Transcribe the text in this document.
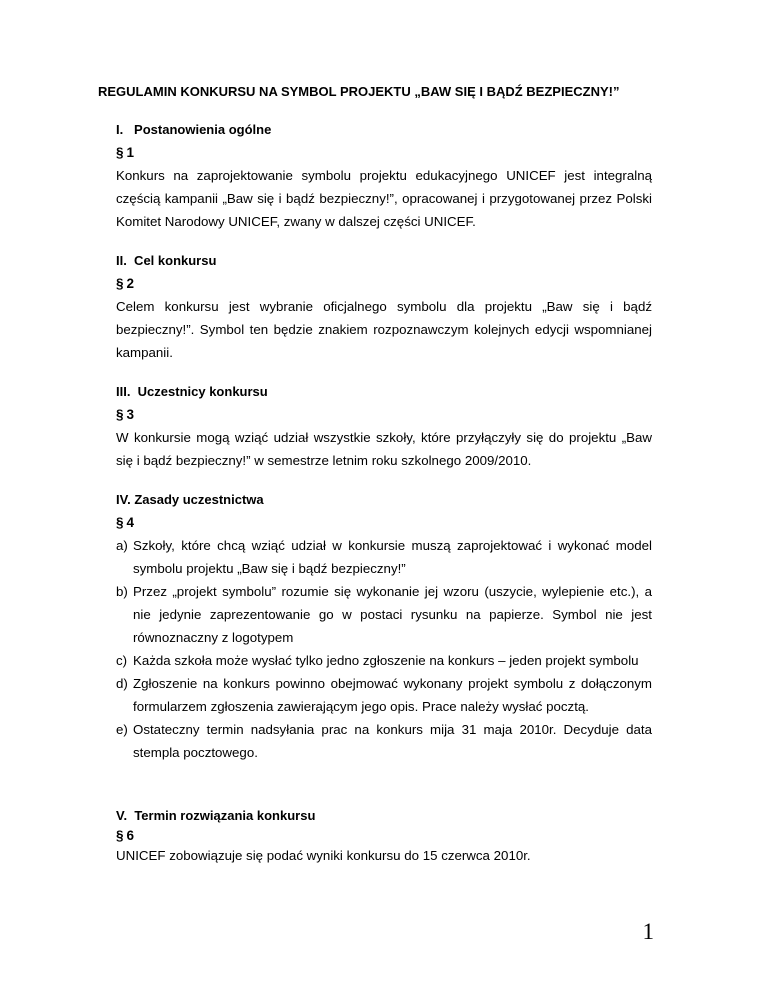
REGULAMIN KONKURSU NA SYMBOL PROJEKTU „BAW SIĘ I BĄDŹ BEZPIECZNY!”

I.   Postanowienia ogólne

§1

Konkurs na zaprojektowanie symbolu projektu edukacyjnego UNICEF jest integralną częścią kampanii „Baw się i bądź bezpieczny!”, opracowanej i przygotowanej przez Polski Komitet Narodowy UNICEF, zwany w dalszej części UNICEF.

II.  Cel konkursu

§2

Celem konkursu jest wybranie oficjalnego symbolu dla projektu „Baw się i bądź bezpieczny!”. Symbol ten będzie znakiem rozpoznawczym kolejnych edycji wspomnianej kampanii.

III.  Uczestnicy konkursu

§3

W konkursie mogą wziąć udział wszystkie szkoły, które przyłączyły się do projektu „Baw się i bądź bezpieczny!” w semestrze letnim roku szkolnego 2009/2010.

IV. Zasady uczestnictwa

§4

a) Szkoły, które chcą wziąć udział w konkursie muszą zaprojektować i wykonać model symbolu projektu „Baw się i bądź bezpieczny!”
b) Przez „projekt symbolu” rozumie się wykonanie jej wzoru (uszycie, wylepienie etc.), a nie jedynie zaprezentowanie go w postaci rysunku na papierze. Symbol nie jest równoznaczny z logotypem
c) Każda szkoła może wysłać tylko jedno zgłoszenie na konkurs – jeden projekt symbolu
d) Zgłoszenie na konkurs powinno obejmować wykonany projekt symbolu z dołączonym formularzem zgłoszenia zawierającym jego opis. Prace należy wysłać pocztą.
e) Ostateczny termin nadsyłania prac na konkurs mija 31 maja 2010r. Decyduje data stempla pocztowego.

V.  Termin rozwiązania konkursu

§6

UNICEF zobowiązuje się podać wyniki konkursu do 15 czerwca 2010r.

1
